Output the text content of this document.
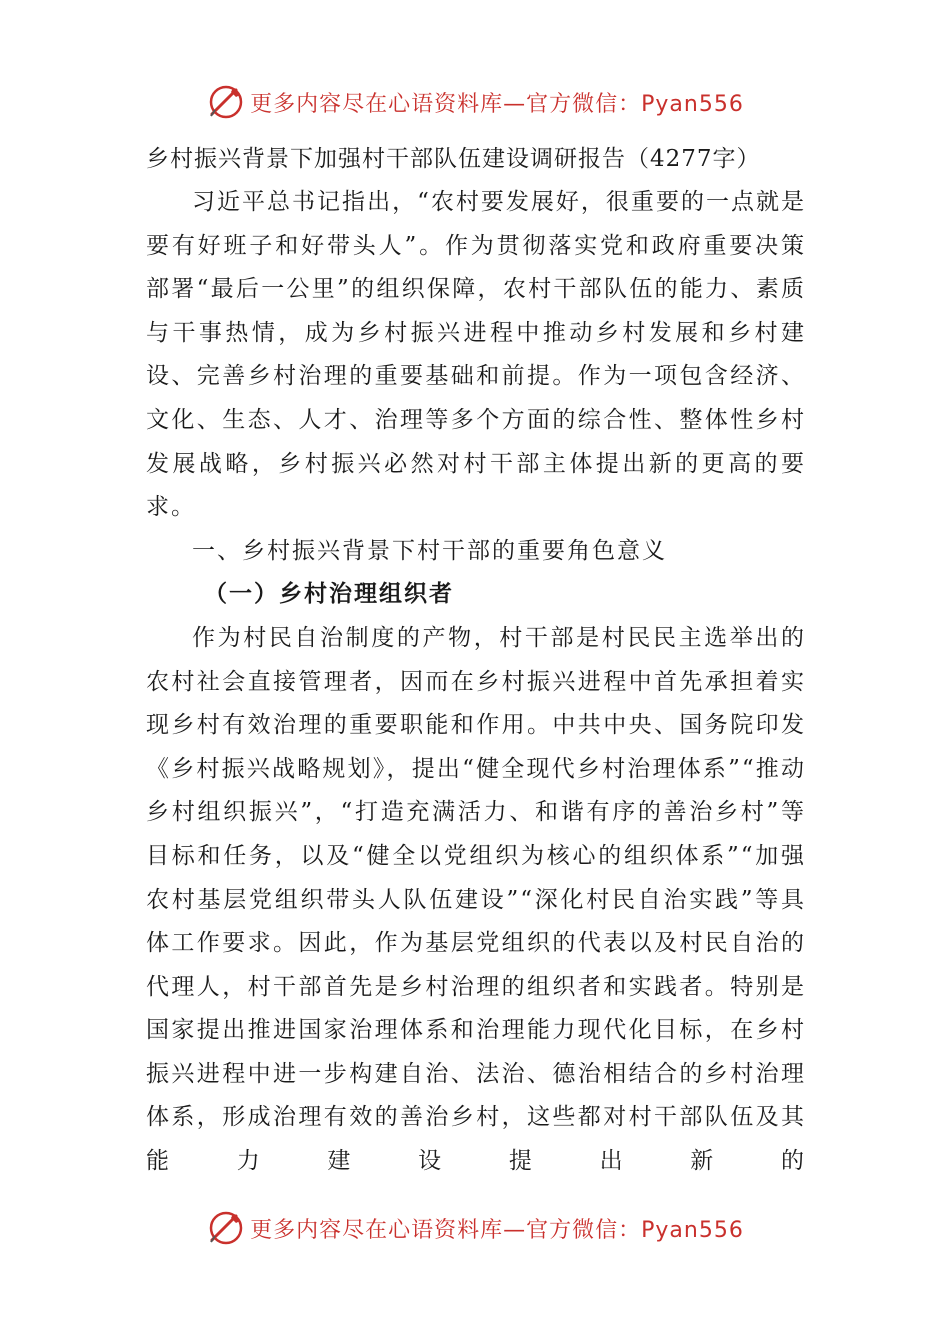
更多内容尽在心语资料库—官方微信：Pyan556

乡村振兴背景下加强村干部队伍建设调研报告（4277字）

习近平总书记指出，“农村要发展好，很重要的一点就是要有好班子和好带头人”。作为贯彻落实党和政府重要决策部署“最后一公里”的组织保障，农村干部队伍的能力、素质与干事热情，成为乡村振兴进程中推动乡村发展和乡村建设、完善乡村治理的重要基础和前提。作为一项包含经济、文化、生态、人才、治理等多个方面的综合性、整体性乡村发展战略，乡村振兴必然对村干部主体提出新的更高的要求。

一、乡村振兴背景下村干部的重要角色意义

（一）乡村治理组织者

作为村民自治制度的产物，村干部是村民民主选举出的农村社会直接管理者，因而在乡村振兴进程中首先承担着实现乡村有效治理的重要职能和作用。中共中央、国务院印发《乡村振兴战略规划》，提出“健全现代乡村治理体系”“推动乡村组织振兴”，“打造充满活力、和谐有序的善治乡村”等目标和任务，以及“健全以党组织为核心的组织体系”“加强农村基层党组织带头人队伍建设”“深化村民自治实践”等具体工作要求。因此，作为基层党组织的代表以及村民自治的代理人，村干部首先是乡村治理的组织者和实践者。特别是国家提出推进国家治理体系和治理能力现代化目标，在乡村振兴进程中进一步构建自治、法治、德治相结合的乡村治理体系，形成治理有效的善治乡村，这些都对村干部队伍及其能力建设提出新的

更多内容尽在心语资料库—官方微信：Pyan556
